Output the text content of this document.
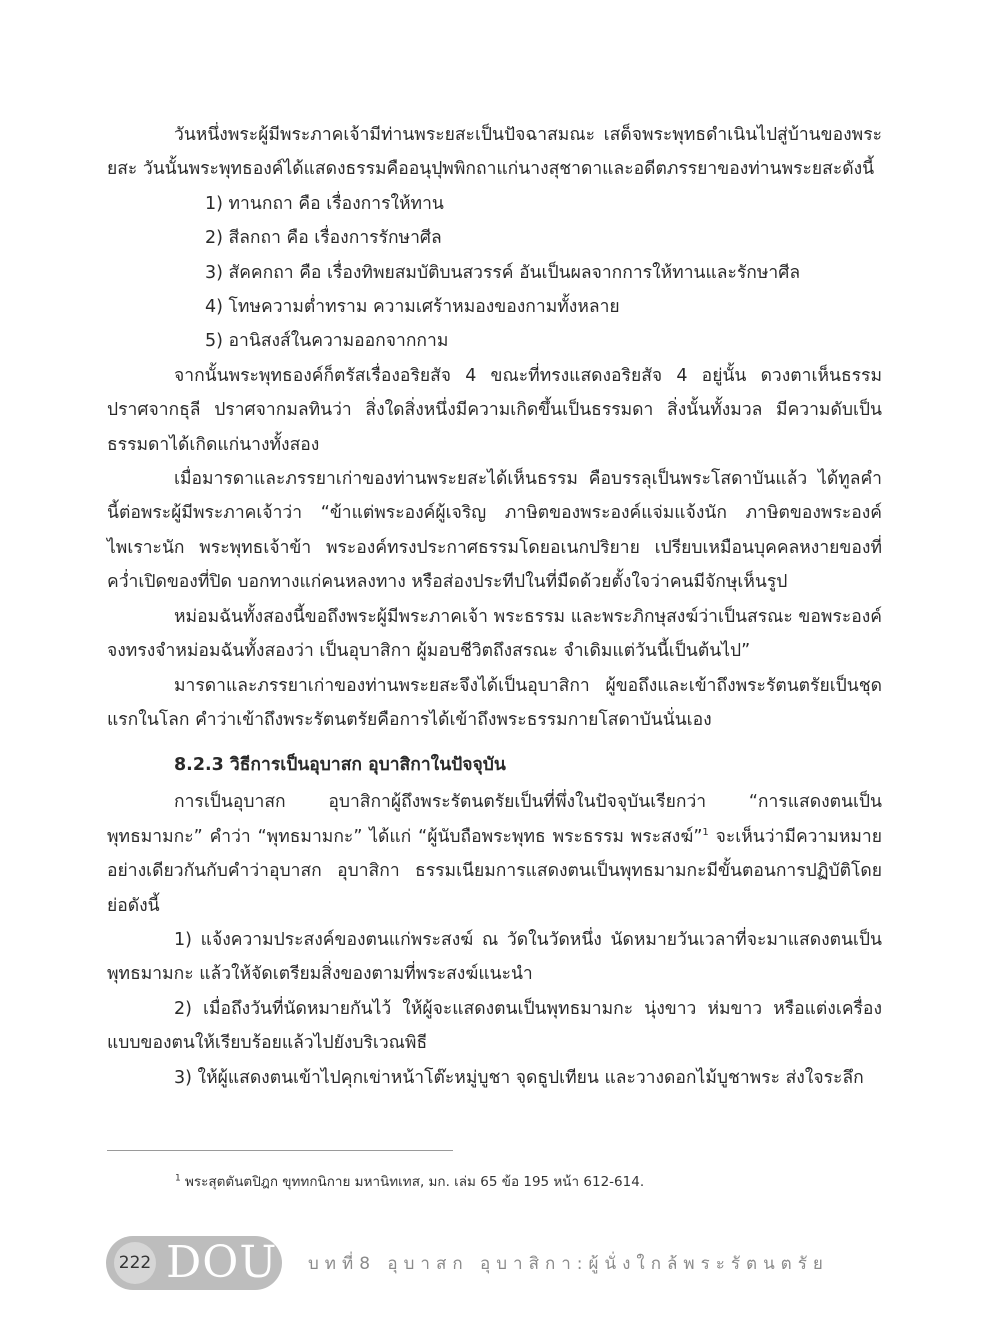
วันหนึ่งพระผู้มีพระภาคเจ้ามีท่านพระยสะเป็นปัจฉาสมณะ เสด็จพระพุทธดำเนินไปสู่บ้านของพระยสะ วันนั้นพระพุทธองค์ได้แสดงธรรมคืออนุปุพพิกถาแก่นางสุชาดาและอดีตภรรยาของท่านพระยสะดังนี้

1) ทานกถา คือ เรื่องการให้ทาน

2) สีลกถา คือ เรื่องการรักษาศีล

3) สัคคกถา คือ เรื่องทิพยสมบัติบนสวรรค์ อันเป็นผลจากการให้ทานและรักษาศีล

4) โทษความต่ำทราม ความเศร้าหมองของกามทั้งหลาย

5) อานิสงส์ในความออกจากกาม

จากนั้นพระพุทธองค์ก็ตรัสเรื่องอริยสัจ 4 ขณะที่ทรงแสดงอริยสัจ 4 อยู่นั้น ดวงตาเห็นธรรมปราศจากธุลี ปราศจากมลทินว่า สิ่งใดสิ่งหนึ่งมีความเกิดขึ้นเป็นธรรมดา สิ่งนั้นทั้งมวล มีความดับเป็นธรรมดาได้เกิดแก่นางทั้งสอง

เมื่อมารดาและภรรยาเก่าของท่านพระยสะได้เห็นธรรม คือบรรลุเป็นพระโสดาบันแล้ว ได้ทูลคำนี้ต่อพระผู้มีพระภาคเจ้าว่า “ข้าแต่พระองค์ผู้เจริญ ภาษิตของพระองค์แจ่มแจ้งนัก ภาษิตของพระองค์ไพเราะนัก พระพุทธเจ้าข้า พระองค์ทรงประกาศธรรมโดยอเนกปริยาย เปรียบเหมือนบุคคลหงายของที่คว่ำเปิดของที่ปิด บอกทางแก่คนหลงทาง หรือส่องประทีปในที่มืดด้วยตั้งใจว่าคนมีจักษุเห็นรูป

หม่อมฉันทั้งสองนี้ขอถึงพระผู้มีพระภาคเจ้า พระธรรม และพระภิกษุสงฆ์ว่าเป็นสรณะ ขอพระองค์จงทรงจำหม่อมฉันทั้งสองว่า เป็นอุบาสิกา ผู้มอบชีวิตถึงสรณะ จำเดิมแต่วันนี้เป็นต้นไป”

มารดาและภรรยาเก่าของท่านพระยสะจึงได้เป็นอุบาสิกา ผู้ขอถึงและเข้าถึงพระรัตนตรัยเป็นชุดแรกในโลก คำว่าเข้าถึงพระรัตนตรัยคือการได้เข้าถึงพระธรรมกายโสดาบันนั่นเอง

8.2.3 วิธีการเป็นอุบาสก อุบาสิกาในปัจจุบัน

การเป็นอุบาสก อุบาสิกาผู้ถึงพระรัตนตรัยเป็นที่พึ่งในปัจจุบันเรียกว่า “การแสดงตนเป็นพุทธมามกะ” คำว่า “พุทธมามกะ” ได้แก่ “ผู้นับถือพระพุทธ พระธรรม พระสงฆ์”$^1$ จะเห็นว่ามีความหมายอย่างเดียวกันกับคำว่าอุบาสก อุบาสิกา ธรรมเนียมการแสดงตนเป็นพุทธมามกะมีขั้นตอนการปฏิบัติโดยย่อดังนี้

1) แจ้งความประสงค์ของตนแก่พระสงฆ์ ณ วัดในวัดหนึ่ง นัดหมายวันเวลาที่จะมาแสดงตนเป็นพุทธมามกะ แล้วให้จัดเตรียมสิ่งของตามที่พระสงฆ์แนะนำ

2) เมื่อถึงวันที่นัดหมายกันไว้ ให้ผู้จะแสดงตนเป็นพุทธมามกะ นุ่งขาว ห่มขาว หรือแต่งเครื่องแบบของตนให้เรียบร้อยแล้วไปยังบริเวณพิธี

3) ให้ผู้แสดงตนเข้าไปคุกเข่าหน้าโต๊ะหมู่บูชา จุดธูปเทียน และวางดอกไม้บูชาพระ ส่งใจระลึก

$^1$ พระสุตตันตปิฎก ขุททกนิกาย มหานิทเทส, มก. เล่ม 65 ข้อ 195 หน้า 612-614.
222 DOU บทที่8 อุบาสก อุบาสิกา:ผู้นั่งใกล้พระรัตนตรัย
